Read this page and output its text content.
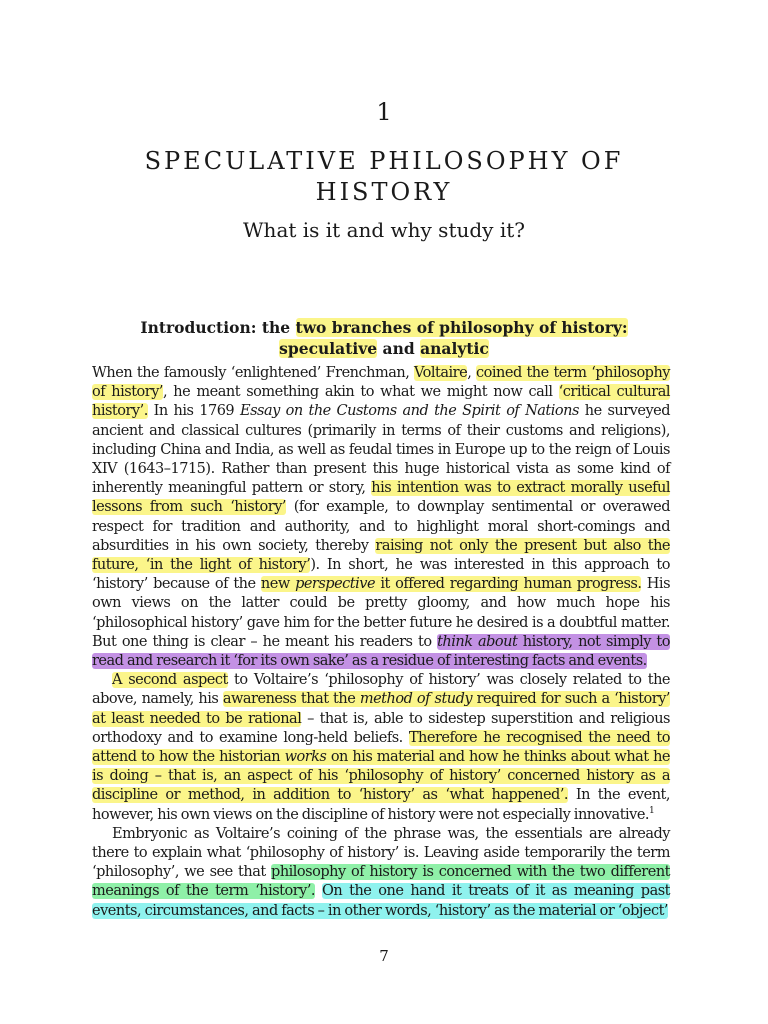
1
SPECULATIVE PHILOSOPHY OF HISTORY
What is it and why study it?
Introduction: the two branches of philosophy of history:
speculative and analytic

When the famously ‘enlightened’ Frenchman, Voltaire, coined the term ‘philosophy of history’, he meant something akin to what we might now call ‘critical cultural history’. In his 1769 Essay on the Customs and the Spirit of Nations he surveyed ancient and classical cultures (primarily in terms of their customs and religions), including China and India, as well as feudal times in Europe up to the reign of Louis XIV (1643–1715). Rather than present this huge historical vista as some kind of inherently meaningful pattern or story, his intention was to extract morally useful lessons from such ‘history’ (for example, to downplay sentimental or overawed respect for tradition and authority, and to highlight moral short-comings and absurdities in his own society, thereby raising not only the present but also the future, ‘in the light of history’). In short, he was interested in this approach to ‘history’ because of the new perspective it offered regarding human progress. His own views on the latter could be pretty gloomy, and how much hope his ‘philosophical history’ gave him for the better future he desired is a doubtful matter. But one thing is clear – he meant his readers to think about history, not simply to read and research it ‘for its own sake’ as a residue of interesting facts and events.

A second aspect to Voltaire’s ‘philosophy of history’ was closely related to the above, namely, his awareness that the method of study required for such a ‘history’ at least needed to be rational – that is, able to sidestep superstition and religious orthodoxy and to examine long-held beliefs. Therefore he recognised the need to attend to how the historian works on his material and how he thinks about what he is doing – that is, an aspect of his ‘philosophy of history’ concerned history as a discipline or method, in addition to ‘history’ as ‘what happened’. In the event, however, his own views on the discipline of history were not especially innovative.$^1$

Embryonic as Voltaire’s coining of the phrase was, the essentials are already there to explain what ‘philosophy of history’ is. Leaving aside temporarily the term ‘philosophy’, we see that philosophy of history is concerned with the two different meanings of the term ‘history’. On the one hand it treats of it as meaning past events, circumstances, and facts – in other words, ‘history’ as the material or ‘object’

7
